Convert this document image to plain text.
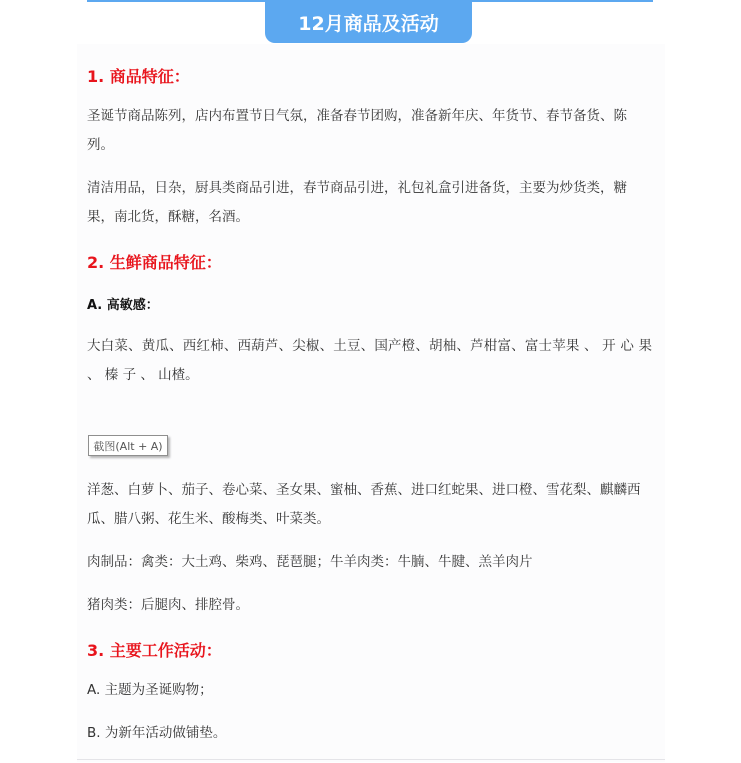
12月商品及活动
1. 商品特征：
圣诞节商品陈列，店内布置节日气氛，准备春节团购，准备新年庆、年货节、春节备货、陈列。
清洁用品，日杂，厨具类商品引进，春节商品引进，礼包礼盒引进备货，主要为炒货类，糖果，南北货，酥糖，名酒。
2. 生鲜商品特征：
A. 高敏感：
大白菜、黄瓜、西红柿、西葫芦、尖椒、土豆、国产橙、胡柚、芦柑富、富士苹果 、 开 心 果 、 榛 子 、 山楂。
截图(Alt + A)
洋葱、白萝卜、茄子、卷心菜、圣女果、蜜柚、香蕉、进口红蛇果、进口橙、雪花梨、麒麟西瓜、腊八粥、花生米、酸梅类、叶菜类。
肉制品：禽类：大土鸡、柴鸡、琵琶腿；牛羊肉类：牛腩、牛腱、羔羊肉片
猪肉类：后腿肉、排腔骨。
3. 主要工作活动：
A. 主题为圣诞购物；
B. 为新年活动做铺垫。
